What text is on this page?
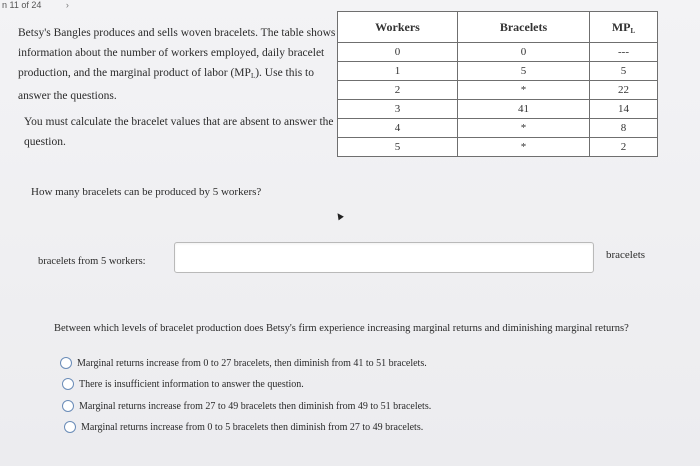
n 11 of 24	›

Betsy's Bangles produces and sells woven bracelets. The table shows information about the number of workers employed, daily bracelet production, and the marginal product of labor $(MP_L)$. Use this to answer the questions.

You must calculate the bracelet values that are absent to answer the question.

Workers	Bracelets	$MP_L$
0	0	---
1	5	5
2	*	22
3	41	14
4	*	8
5	*	2
How many bracelets can be produced by 5 workers?
▲
bracelets from 5 workers:
bracelets
Between which levels of bracelet production does Betsy's firm experience increasing marginal returns and diminishing marginal returns?
Marginal returns increase from 0 to 27 bracelets, then diminish from 41 to 51 bracelets.
There is insufficient information to answer the question.
Marginal returns increase from 27 to 49 bracelets then diminish from 49 to 51 bracelets.
Marginal returns increase from 0 to 5 bracelets then diminish from 27 to 49 bracelets.
